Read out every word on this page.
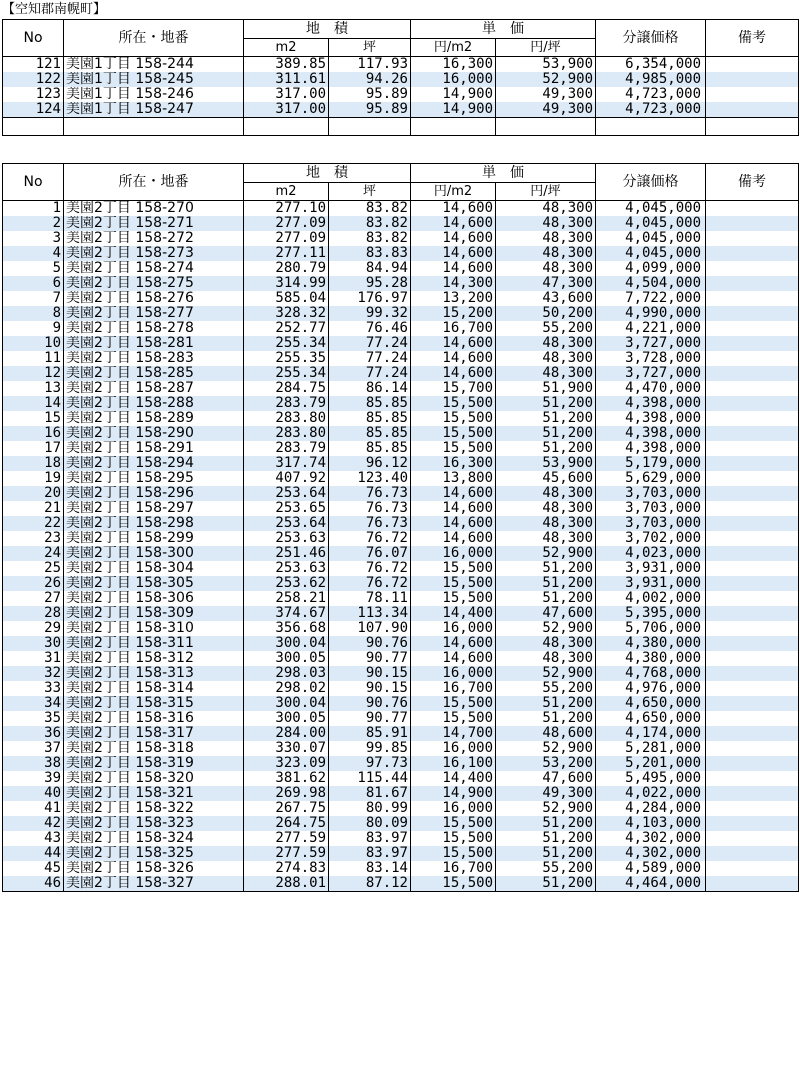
【空知郡南幌町】
No	所在・地番	地　積		単　価		分譲価格	備考
		m2	坪	円/m2	円/坪		
121	美園1丁目 158-244	389.85	117.93	16,300	53,900	6,354,000	
122	美園1丁目 158-245	311.61	94.26	16,000	52,900	4,985,000	
123	美園1丁目 158-246	317.00	95.89	14,900	49,300	4,723,000	
124	美園1丁目 158-247	317.00	95.89	14,900	49,300	4,723,000	

No	所在・地番	地　積		単　価		分譲価格	備考
		m2	坪	円/m2	円/坪		
1	美園2丁目 158-270	277.10	83.82	14,600	48,300	4,045,000	
2	美園2丁目 158-271	277.09	83.82	14,600	48,300	4,045,000	
3	美園2丁目 158-272	277.09	83.82	14,600	48,300	4,045,000	
4	美園2丁目 158-273	277.11	83.83	14,600	48,300	4,045,000	
5	美園2丁目 158-274	280.79	84.94	14,600	48,300	4,099,000	
6	美園2丁目 158-275	314.99	95.28	14,300	47,300	4,504,000	
7	美園2丁目 158-276	585.04	176.97	13,200	43,600	7,722,000	
8	美園2丁目 158-277	328.32	99.32	15,200	50,200	4,990,000	
9	美園2丁目 158-278	252.77	76.46	16,700	55,200	4,221,000	
10	美園2丁目 158-281	255.34	77.24	14,600	48,300	3,727,000	
11	美園2丁目 158-283	255.35	77.24	14,600	48,300	3,728,000	
12	美園2丁目 158-285	255.34	77.24	14,600	48,300	3,727,000	
13	美園2丁目 158-287	284.75	86.14	15,700	51,900	4,470,000	
14	美園2丁目 158-288	283.79	85.85	15,500	51,200	4,398,000	
15	美園2丁目 158-289	283.80	85.85	15,500	51,200	4,398,000	
16	美園2丁目 158-290	283.80	85.85	15,500	51,200	4,398,000	
17	美園2丁目 158-291	283.79	85.85	15,500	51,200	4,398,000	
18	美園2丁目 158-294	317.74	96.12	16,300	53,900	5,179,000	
19	美園2丁目 158-295	407.92	123.40	13,800	45,600	5,629,000	
20	美園2丁目 158-296	253.64	76.73	14,600	48,300	3,703,000	
21	美園2丁目 158-297	253.65	76.73	14,600	48,300	3,703,000	
22	美園2丁目 158-298	253.64	76.73	14,600	48,300	3,703,000	
23	美園2丁目 158-299	253.63	76.72	14,600	48,300	3,702,000	
24	美園2丁目 158-300	251.46	76.07	16,000	52,900	4,023,000	
25	美園2丁目 158-304	253.63	76.72	15,500	51,200	3,931,000	
26	美園2丁目 158-305	253.62	76.72	15,500	51,200	3,931,000	
27	美園2丁目 158-306	258.21	78.11	15,500	51,200	4,002,000	
28	美園2丁目 158-309	374.67	113.34	14,400	47,600	5,395,000	
29	美園2丁目 158-310	356.68	107.90	16,000	52,900	5,706,000	
30	美園2丁目 158-311	300.04	90.76	14,600	48,300	4,380,000	
31	美園2丁目 158-312	300.05	90.77	14,600	48,300	4,380,000	
32	美園2丁目 158-313	298.03	90.15	16,000	52,900	4,768,000	
33	美園2丁目 158-314	298.02	90.15	16,700	55,200	4,976,000	
34	美園2丁目 158-315	300.04	90.76	15,500	51,200	4,650,000	
35	美園2丁目 158-316	300.05	90.77	15,500	51,200	4,650,000	
36	美園2丁目 158-317	284.00	85.91	14,700	48,600	4,174,000	
37	美園2丁目 158-318	330.07	99.85	16,000	52,900	5,281,000	
38	美園2丁目 158-319	323.09	97.73	16,100	53,200	5,201,000	
39	美園2丁目 158-320	381.62	115.44	14,400	47,600	5,495,000	
40	美園2丁目 158-321	269.98	81.67	14,900	49,300	4,022,000	
41	美園2丁目 158-322	267.75	80.99	16,000	52,900	4,284,000	
42	美園2丁目 158-323	264.75	80.09	15,500	51,200	4,103,000	
43	美園2丁目 158-324	277.59	83.97	15,500	51,200	4,302,000	
44	美園2丁目 158-325	277.59	83.97	15,500	51,200	4,302,000	
45	美園2丁目 158-326	274.83	83.14	16,700	55,200	4,589,000	
46	美園2丁目 158-327	288.01	87.12	15,500	51,200	4,464,000	
